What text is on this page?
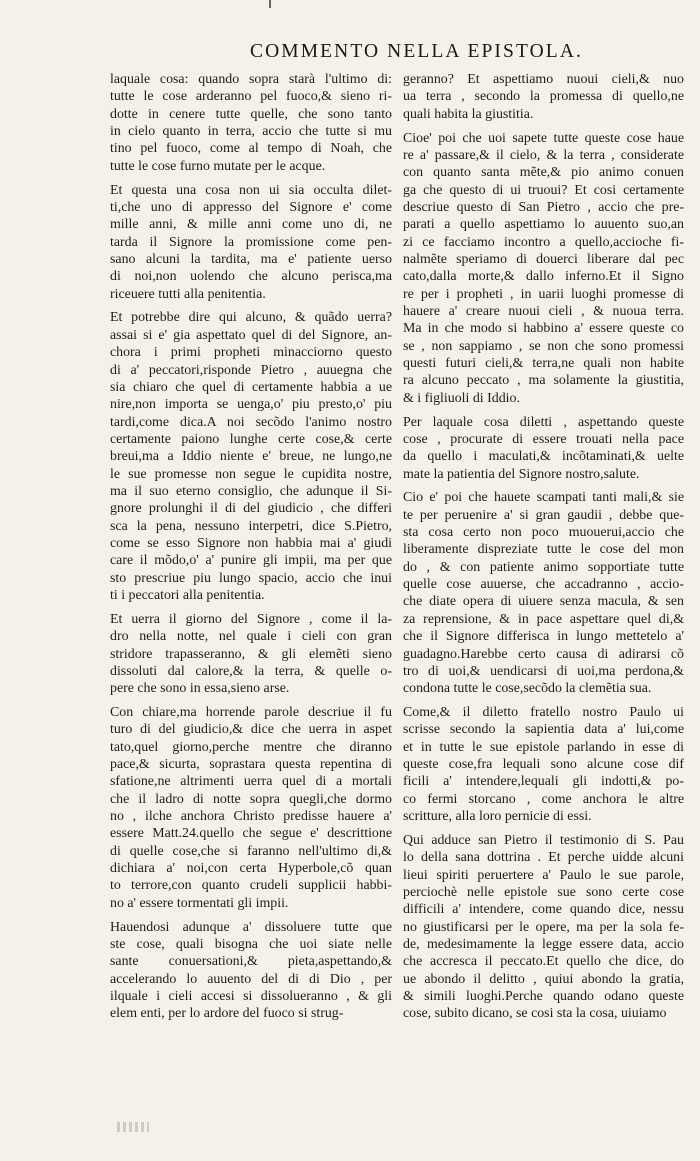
COMMENTO NELLA EPISTOLA.
laquale cosa: quando sopra starà l'ultimo di:
tutte le cose arderanno pel fuoco,& sieno ri-
dotte in cenere tutte quelle, che sono tanto
in cielo quanto in terra, accio che tutte si mu
tino pel fuoco, come al tempo di Noah, che
tutte le cose furno mutate per le acque.
Et questa una cosa non ui sia occulta dilet-
ti,che uno di appresso del Signore e' come
mille anni, & mille anni come uno di, ne
tarda il Signore la promissione come pen-
sano alcuni la tardita, ma e' patiente uerso
di noi,non uolendo che alcuno perisca,ma
riceuere tutti alla penitentia.
Et potrebbe dire qui alcuno, & quãdo uerra?
assai si e' gia aspettato quel di del Signore, an-
chora i primi propheti minacciorno questo
di a' peccatori,risponde Pietro , auuegna che
sia chiaro che quel di certamente habbia a ue
nire,non importa se uenga,o' piu presto,o' piu
tardi,come dica.A noi secõdo l'animo nostro
certamente paiono lunghe certe cose,& certe
breui,ma a Iddio niente e' breue, ne lungo,ne
le sue promesse non segue le cupidita nostre,
ma il suo eterno consiglio, che adunque il Si-
gnore prolunghi il di del giudicio , che differi
sca la pena, nessuno interpetri, dice S.Pietro,
come se esso Signore non habbia mai a' giudi
care il mõdo,o' a' punire gli impii, ma per que
sto prescriue piu lungo spacio, accio che inui
ti i peccatori alla penitentia.
Et uerra il giorno del Signore , come il la-
dro nella notte, nel quale i cieli con gran
stridore trapasseranno, & gli elemẽti sieno
dissoluti dal calore,& la terra, & quelle o-
pere che sono in essa,sieno arse.
Con chiare,ma horrende parole descriue il fu
turo di del giudicio,& dice che uerra in aspet
tato,quel giorno,perche mentre che diranno
pace,& sicurta, soprastara questa repentina di
sfatione,ne altrimenti uerra quel di a mortali
che il ladro di notte sopra quegli,che dormo
no , ilche anchora Christo predisse hauere a'
essere Matt.24.quello che segue e' descrittione
di quelle cose,che si faranno nell'ultimo di,&
dichiara a' noi,con certa Hyperbole,cõ quan
to terrore,con quanto crudeli supplicii habbi-
no a' essere tormentati gli impii.
Hauendosi adunque a' dissoluere tutte que
ste cose, quali bisogna che uoi siate nelle
sante conuersationi,& pieta,aspettando,&
accelerando lo auuento del di di Dio , per
ilquale i cieli accesi si dissolueranno , & gli
elem enti, per lo ardore del fuoco si strug-
geranno? Et aspettiamo nuoui cieli,& nuo
ua terra , secondo la promessa di quello,ne
quali habita la giustitia.
Cioe' poi che uoi sapete tutte queste cose haue
re a' passare,& il cielo, & la terra , considerate
con quanto santa mẽte,& pio animo conuen
ga che questo di ui truoui? Et cosi certamente
descriue questo di San Pietro , accio che pre-
parati a quello aspettiamo lo auuento suo,an
zi ce facciamo incontro a quello,accioche fi-
nalmẽte speriamo di douerci liberare dal pec
cato,dalla morte,& dallo inferno.Et il Signo
re per i propheti , in uarii luoghi promesse di
hauere a' creare nuoui cieli , & nuoua terra.
Ma in che modo si habbino a' essere queste co
se , non sappiamo , se non che sono promessi
questi futuri cieli,& terra,ne quali non habite
ra alcuno peccato , ma solamente la giustitia,
& i figliuoli di Iddio.
Per laquale cosa diletti , aspettando queste
cose , procurate di essere trouati nella pace
da quello i maculati,& incõtaminati,& uelte
mate la patientia del Signore nostro,salute.
Cio e' poi che hauete scampati tanti mali,& sie
te per peruenire a' si gran gaudii , debbe que-
sta cosa certo non poco muouerui,accio che
liberamente dispreziate tutte le cose del mon
do , & con patiente animo sopportiate tutte
quelle cose auuerse, che accadranno , accio-
che diate opera di uiuere senza macula, & sen
za reprensione, & in pace aspettare quel di,&
che il Signore differisca in lungo mettetelo a'
guadagno.Harebbe certo causa di adirarsi cõ
tro di uoi,& uendicarsi di uoi,ma perdona,&
condona tutte le cose,secõdo la clemẽtia sua.
Come,& il diletto fratello nostro Paulo ui
scrisse secondo la sapientia data a' lui,come
et in tutte le sue epistole parlando in esse di
queste cose,fra lequali sono alcune cose dif
ficili a' intendere,lequali gli indotti,& po-
co fermi storcano , come anchora le altre
scritture, alla loro pernicie di essi.
Qui adduce san Pietro il testimonio di S. Pau
lo della sana dottrina . Et perche uidde alcuni
lieui spiriti peruertere a' Paulo le sue parole,
perciochè nelle epistole sue sono certe cose
difficili a' intendere, come quando dice, nessu
no giustificarsi per le opere, ma per la sola fe-
de, medesimamente la legge essere data, accio
che accresca il peccato.Et quello che dice, do
ue abondo il delitto , quiui abondo la gratia,
& simili luoghi.Perche quando odano queste
cose, subito dicano, se cosi sta la cosa, uiuiamo
